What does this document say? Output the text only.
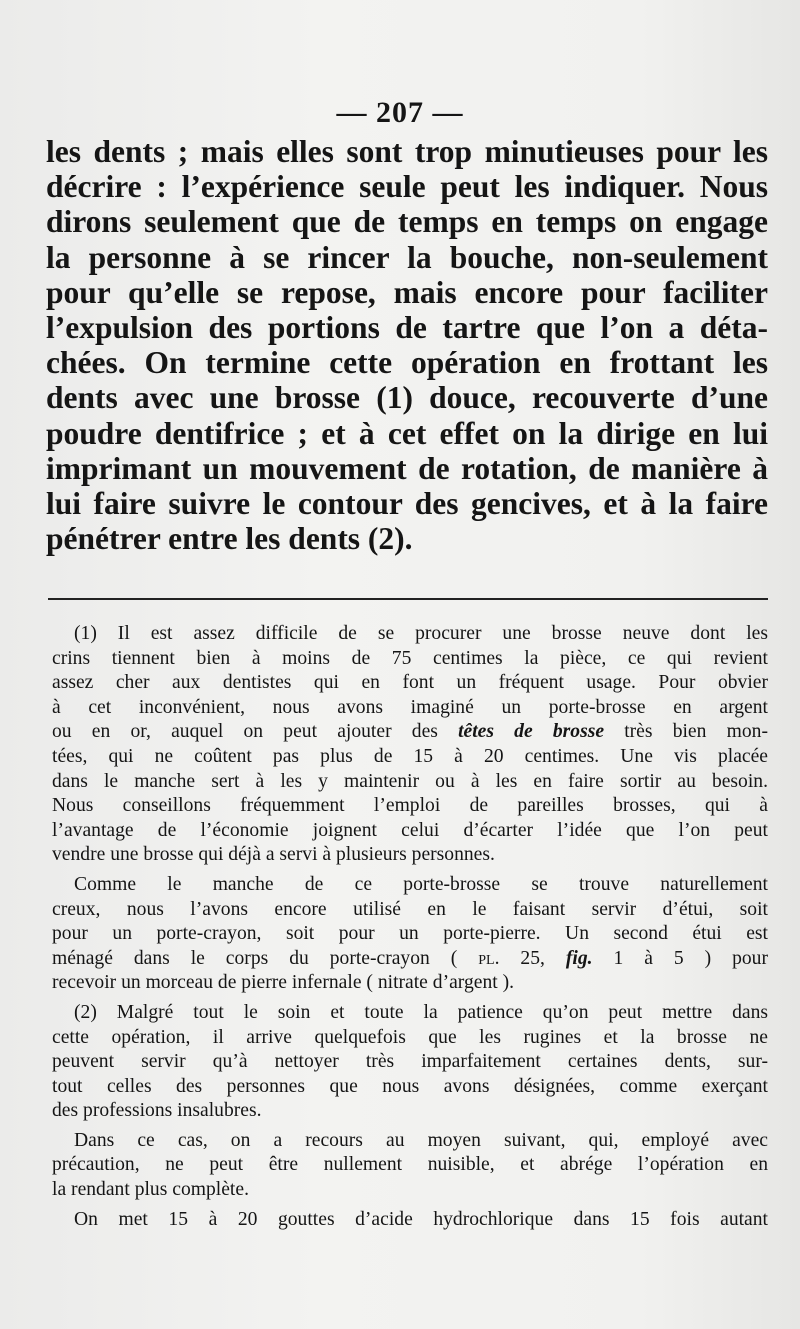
— 207 —
les dents ; mais elles sont trop minutieuses pour les
décrire : l’expérience seule peut les indiquer. Nous
dirons seulement que de temps en temps on engage
la personne à se rincer la bouche, non-seulement
pour qu’elle se repose, mais encore pour faciliter
l’expulsion des portions de tartre que l’on a déta-
chées. On termine cette opération en frottant les
dents avec une brosse (1) douce, recouverte d’une
poudre dentifrice ; et à cet effet on la dirige en lui
imprimant un mouvement de rotation, de manière à
lui faire suivre le contour des gencives, et à la faire
pénétrer entre les dents (2).
(1) Il est assez difficile de se procurer une brosse neuve dont les
crins tiennent bien à moins de 75 centimes la pièce, ce qui revient
assez cher aux dentistes qui en font un fréquent usage. Pour obvier
à cet inconvénient, nous avons imaginé un porte-brosse en argent
ou en or, auquel on peut ajouter des têtes de brosse très bien mon-
tées, qui ne coûtent pas plus de 15 à 20 centimes. Une vis placée
dans le manche sert à les y maintenir ou à les en faire sortir au besoin.
Nous conseillons fréquemment l’emploi de pareilles brosses, qui à
l’avantage de l’économie joignent celui d’écarter l’idée que l’on peut
vendre une brosse qui déjà a servi à plusieurs personnes.
Comme le manche de ce porte-brosse se trouve naturellement
creux, nous l’avons encore utilisé en le faisant servir d’étui, soit
pour un porte-crayon, soit pour un porte-pierre. Un second étui est
ménagé dans le corps du porte-crayon ( pl. 25, fig. 1 à 5 ) pour
recevoir un morceau de pierre infernale ( nitrate d’argent ).
(2) Malgré tout le soin et toute la patience qu’on peut mettre dans
cette opération, il arrive quelquefois que les rugines et la brosse ne
peuvent servir qu’à nettoyer très imparfaitement certaines dents, sur-
tout celles des personnes que nous avons désignées, comme exerçant
des professions insalubres.
Dans ce cas, on a recours au moyen suivant, qui, employé avec
précaution, ne peut être nullement nuisible, et abrége l’opération en
la rendant plus complète.
On met 15 à 20 gouttes d’acide hydrochlorique dans 15 fois autant
